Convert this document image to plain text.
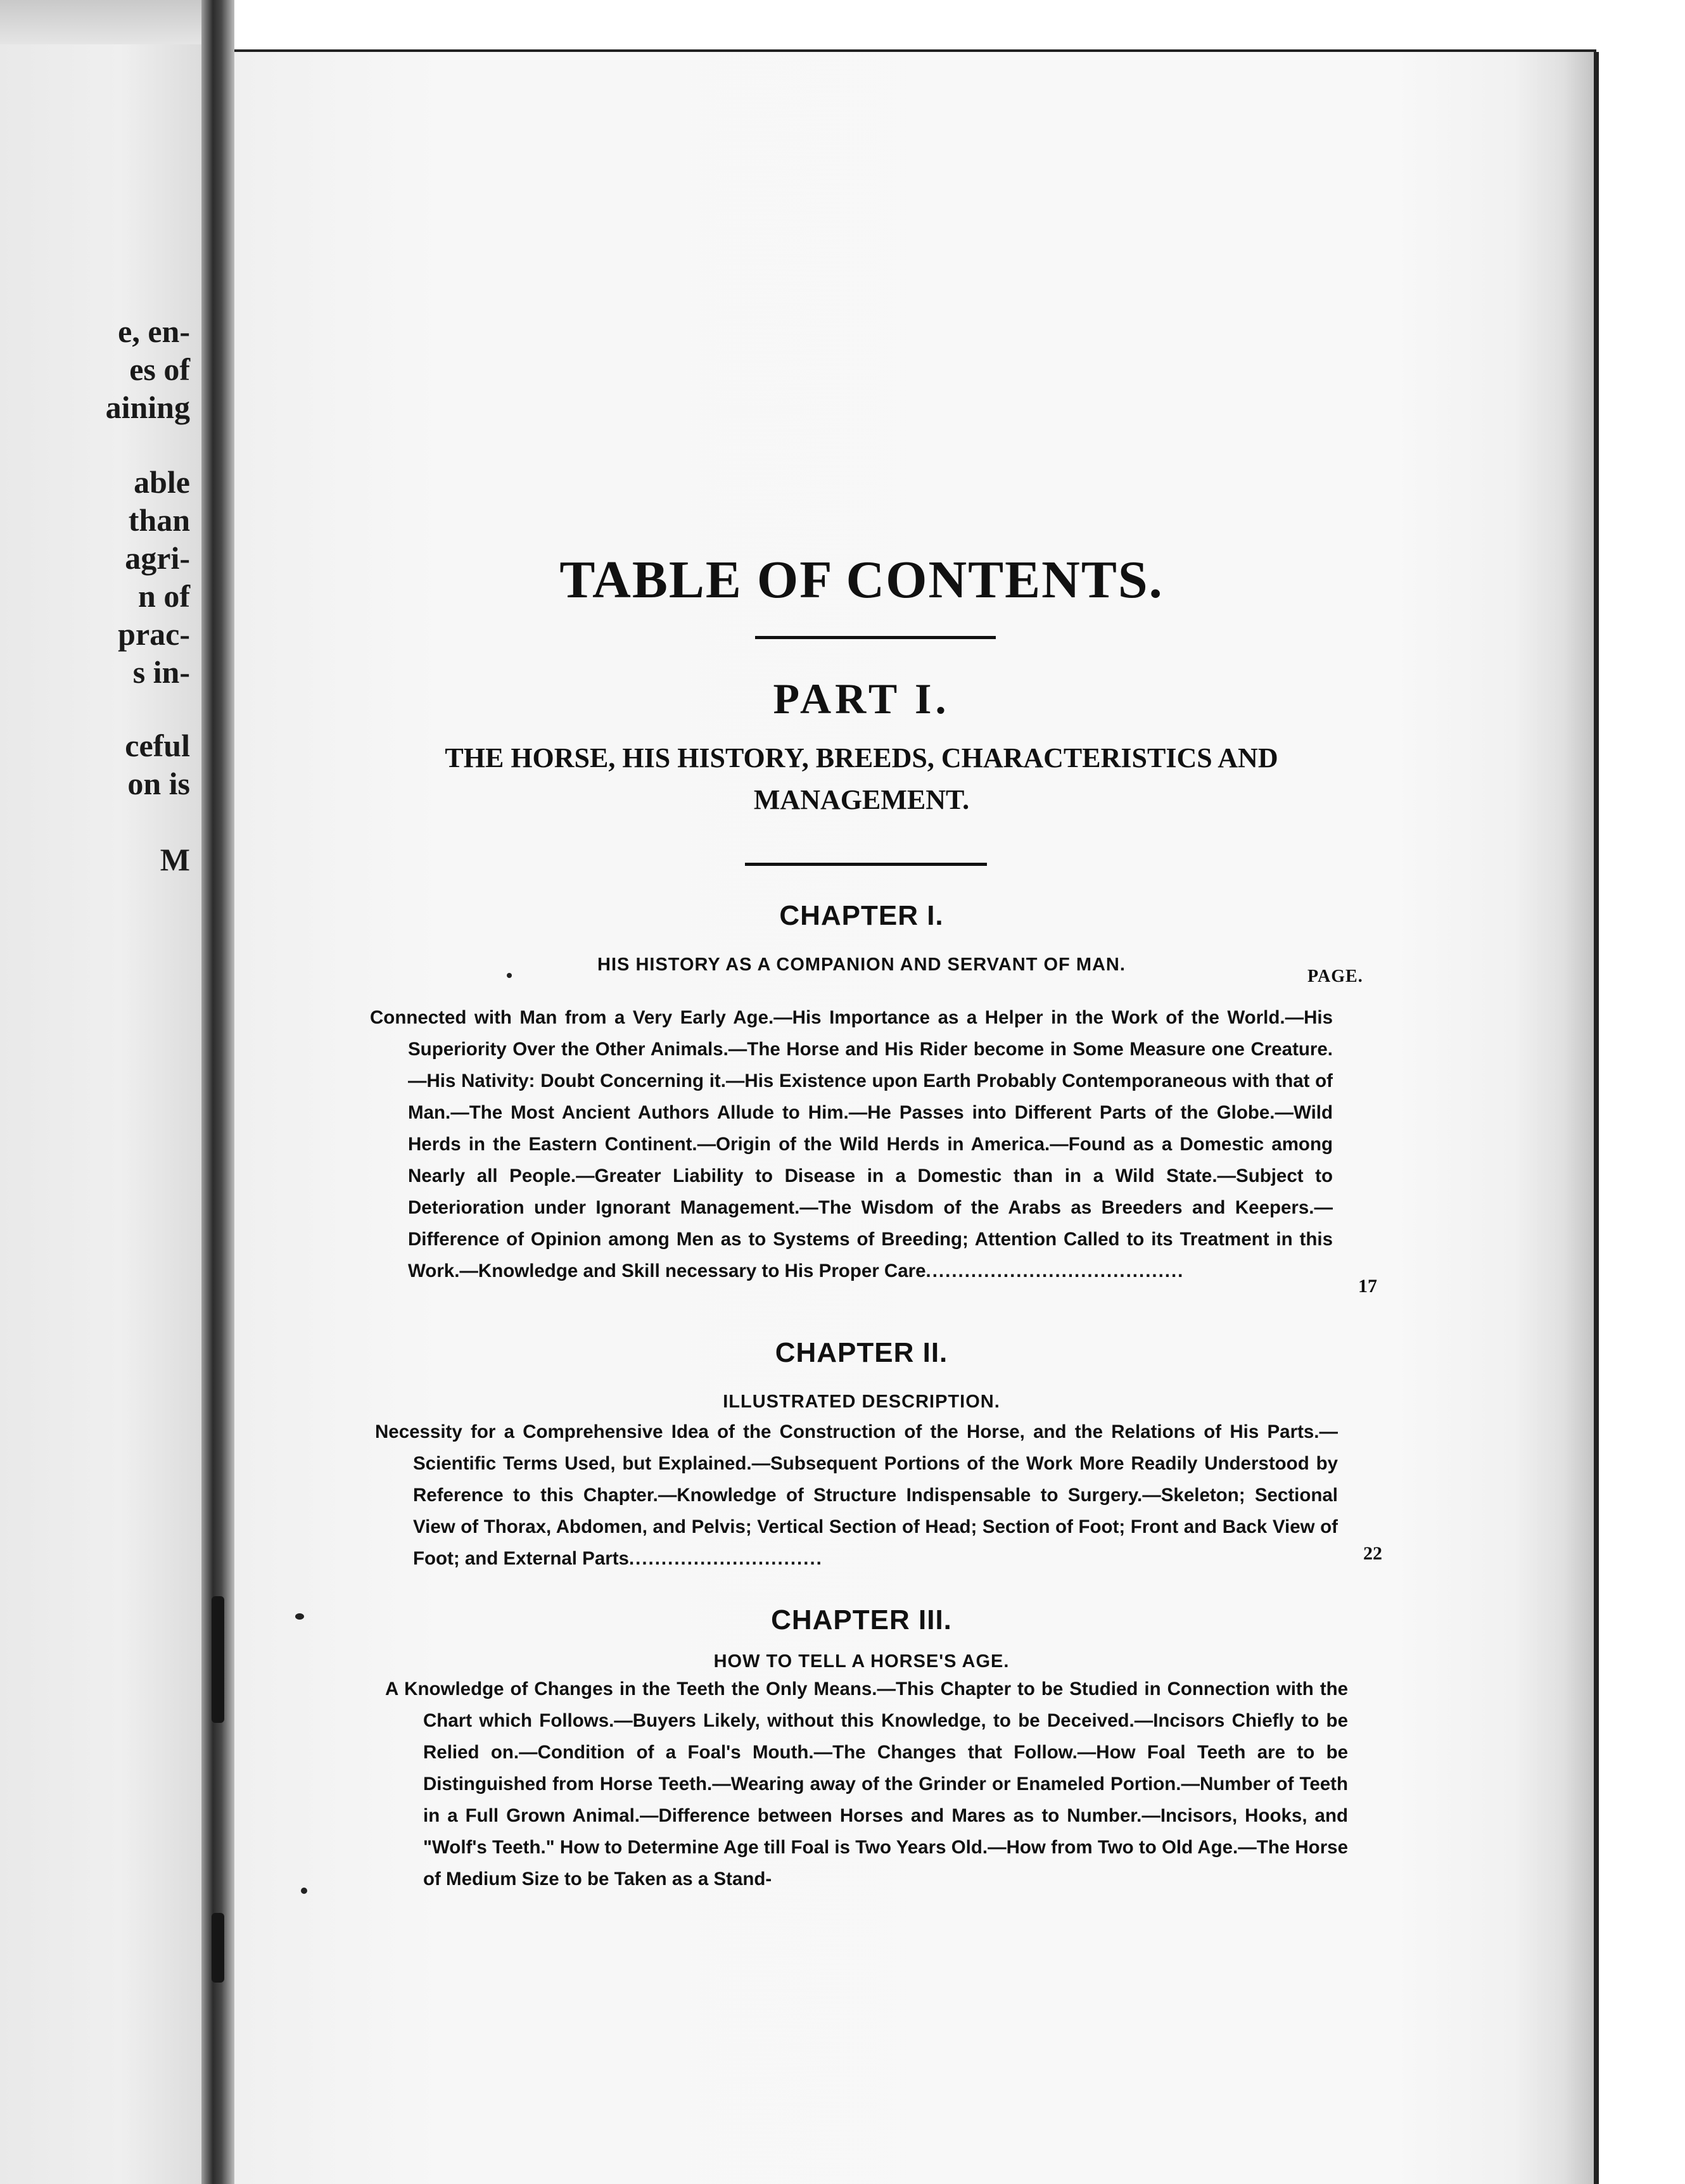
e, en-
es of
aining
able
than
agri-
n of
prac-
s in-
ceful
on is
M
TABLE OF CONTENTS.
PART I.

THE HORSE, HIS HISTORY, BREEDS, CHARACTERISTICS AND MANAGEMENT.

CHAPTER I.

HIS HISTORY AS A COMPANION AND SERVANT OF MAN.

PAGE.

Connected with Man from a Very Early Age.—His Importance as a Helper in the Work of the World.—His Superiority Over the Other Animals.—The Horse and His Rider become in Some Measure one Creature.—His Nativity: Doubt Concerning it.—His Existence upon Earth Probably Contemporaneous with that of Man.—The Most Ancient Authors Allude to Him.—He Passes into Different Parts of the Globe.—Wild Herds in the Eastern Continent.—Origin of the Wild Herds in America.—Found as a Domestic among Nearly all People.—Greater Liability to Disease in a Domestic than in a Wild State.—Subject to Deterioration under Ignorant Management.—The Wisdom of the Arabs as Breeders and Keepers.—Difference of Opinion among Men as to Systems of Breeding; Attention Called to its Treatment in this Work.—Knowledge and Skill necessary to His Proper Care........................................

17
CHAPTER II.

ILLUSTRATED DESCRIPTION.

Necessity for a Comprehensive Idea of the Construction of the Horse, and the Relations of His Parts.—Scientific Terms Used, but Explained.—Subsequent Portions of the Work More Readily Understood by Reference to this Chapter.—Knowledge of Structure Indispensable to Surgery.—Skeleton; Sectional View of Thorax, Abdomen, and Pelvis; Vertical Section of Head; Section of Foot; Front and Back View of Foot; and External Parts..............................	22
CHAPTER III.

HOW TO TELL A HORSE'S AGE.

A Knowledge of Changes in the Teeth the Only Means.—This Chapter to be Studied in Connection with the Chart which Follows.—Buyers Likely, without this Knowledge, to be Deceived.—Incisors Chiefly to be Relied on.—Condition of a Foal's Mouth.—The Changes that Follow.—How Foal Teeth are to be Distinguished from Horse Teeth.—Wearing away of the Grinder or Enameled Portion.—Number of Teeth in a Full Grown Animal.—Difference between Horses and Mares as to Number.—Incisors, Hooks, and "Wolf's Teeth." How to Determine Age till Foal is Two Years Old.—How from Two to Old Age.—The Horse of Medium Size to be Taken as a Stand-
